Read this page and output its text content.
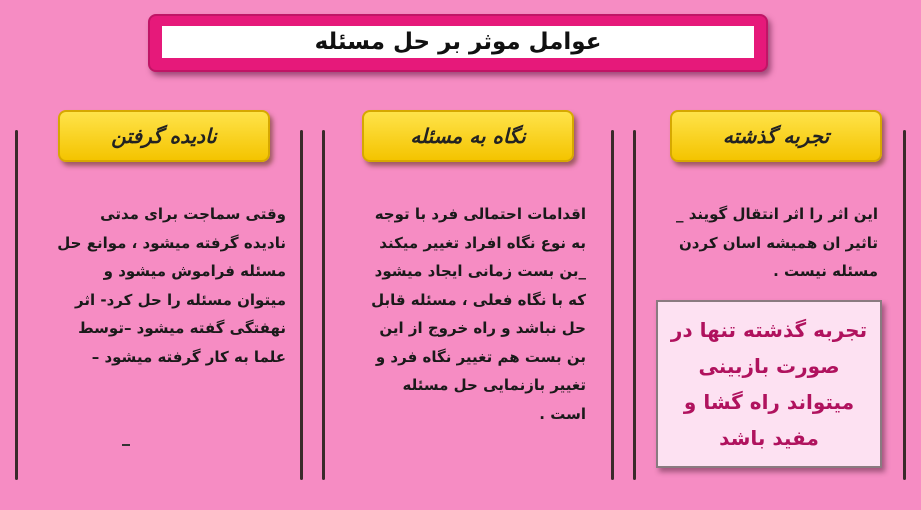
عوامل موثر بر حل مسئله
تجربه گذشته
این اثر را اثر انتقال گویند _ تاثیر ان همیشه اسان کردن مسئله نیست .
تجربه گذشته تنها در صورت بازبینی میتواند راه گشا و مفید باشد
نگاه به مسئله
اقدامات احتمالی فرد با توجه به نوع نگاه افراد تغییر میکند _بن بست زمانی ایجاد میشود که با نگاه فعلی ، مسئله قابل حل نباشد و راه خروج از این بن بست هم تغییر نگاه فرد و تغییر بازنمایی حل مسئله است .
نادیده گرفتن
وقتی سماجت برای مدتی نادیده گرفته میشود ، موانع حل مسئله فراموش میشود و میتوان مسئله را حل کرد- اثر نهفتگی گفته میشود –توسط علما به کار گرفته میشود –
